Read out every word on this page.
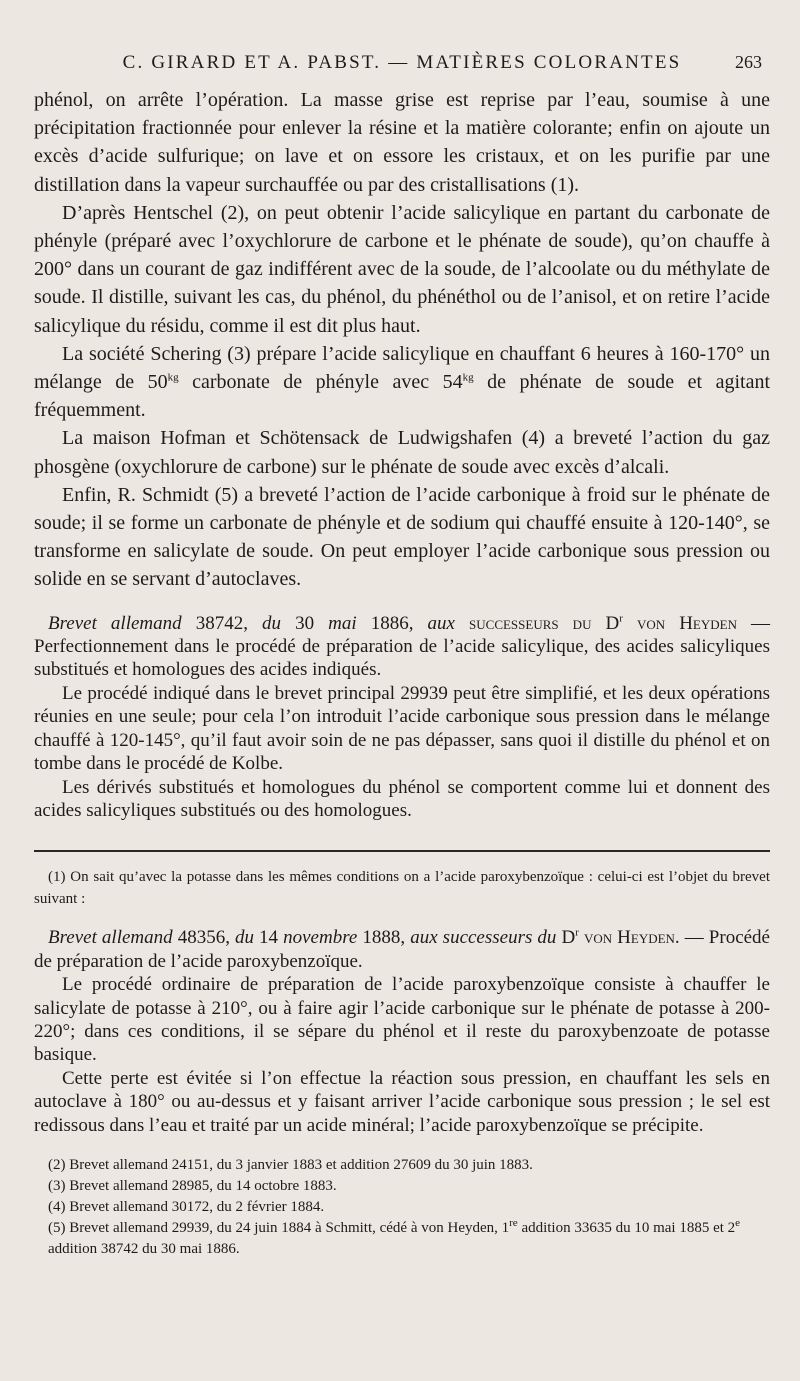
C. GIRARD ET A. PABST. — MATIÈRES COLORANTES	263

phénol, on arrête l’opération. La masse grise est reprise par l’eau, soumise à une précipitation fractionnée pour enlever la résine et la matière colorante; enfin on ajoute un excès d’acide sulfurique; on lave et on essore les cristaux, et on les purifie par une distillation dans la vapeur surchauffée ou par des cristallisations (1).

D’après Hentschel (2), on peut obtenir l’acide salicylique en partant du carbonate de phényle (préparé avec l’oxychlorure de carbone et le phénate de soude), qu’on chauffe à 200° dans un courant de gaz indifférent avec de la soude, de l’alcoolate ou du méthylate de soude. Il distille, suivant les cas, du phénol, du phénéthol ou de l’anisol, et on retire l’acide salicylique du résidu, comme il est dit plus haut.

La société Schering (3) prépare l’acide salicylique en chauffant 6 heures à 160-170° un mélange de $50^{kg}$ carbonate de phényle avec $54^{kg}$ de phénate de soude et agitant fréquemment.

La maison Hofman et Schötensack de Ludwigshafen (4) a breveté l’action du gaz phosgène (oxychlorure de carbone) sur le phénate de soude avec excès d’alcali.

Enfin, R. Schmidt (5) a breveté l’action de l’acide carbonique à froid sur le phénate de soude; il se forme un carbonate de phényle et de sodium qui chauffé ensuite à 120-140°, se transforme en salicylate de soude. On peut employer l’acide carbonique sous pression ou solide en se servant d’autoclaves.

Brevet allemand 38742, du 30 mai 1886, aux successeurs du $D^r$ von Heyden — Perfectionnement dans le procédé de préparation de l’acide salicylique, des acides salicyliques substitués et homologues des acides indiqués.

Le procédé indiqué dans le brevet principal 29939 peut être simplifié, et les deux opérations réunies en une seule; pour cela l’on introduit l’acide carbonique sous pression dans le mélange chauffé à 120-145°, qu’il faut avoir soin de ne pas dépasser, sans quoi il distille du phénol et on tombe dans le procédé de Kolbe.

Les dérivés substitués et homologues du phénol se comportent comme lui et donnent des acides salicyliques substitués ou des homologues.

(1) On sait qu’avec la potasse dans les mêmes conditions on a l’acide paroxybenzoïque : celui-ci est l’objet du brevet suivant :

Brevet allemand 48356, du 14 novembre 1888, aux successeurs du $D^r$ von Heyden. — Procédé de préparation de l’acide paroxybenzoïque.

Le procédé ordinaire de préparation de l’acide paroxybenzoïque consiste à chauffer le salicylate de potasse à 210°, ou à faire agir l’acide carbonique sur le phénate de potasse à 200-220°; dans ces conditions, il se sépare du phénol et il reste du paroxybenzoate de potasse basique.

Cette perte est évitée si l’on effectue la réaction sous pression, en chauffant les sels en autoclave à 180° ou au-dessus et y faisant arriver l’acide carbonique sous pression ; le sel est redissous dans l’eau et traité par un acide minéral; l’acide paroxybenzoïque se précipite.

(2) Brevet allemand 24151, du 3 janvier 1883 et addition 27609 du 30 juin 1883.

(3) Brevet allemand 28985, du 14 octobre 1883.

(4) Brevet allemand 30172, du 2 février 1884.

(5) Brevet allemand 29939, du 24 juin 1884 à Schmitt, cédé à von Heyden, 1re addition 33635 du 10 mai 1885 et 2e addition 38742 du 30 mai 1886.
